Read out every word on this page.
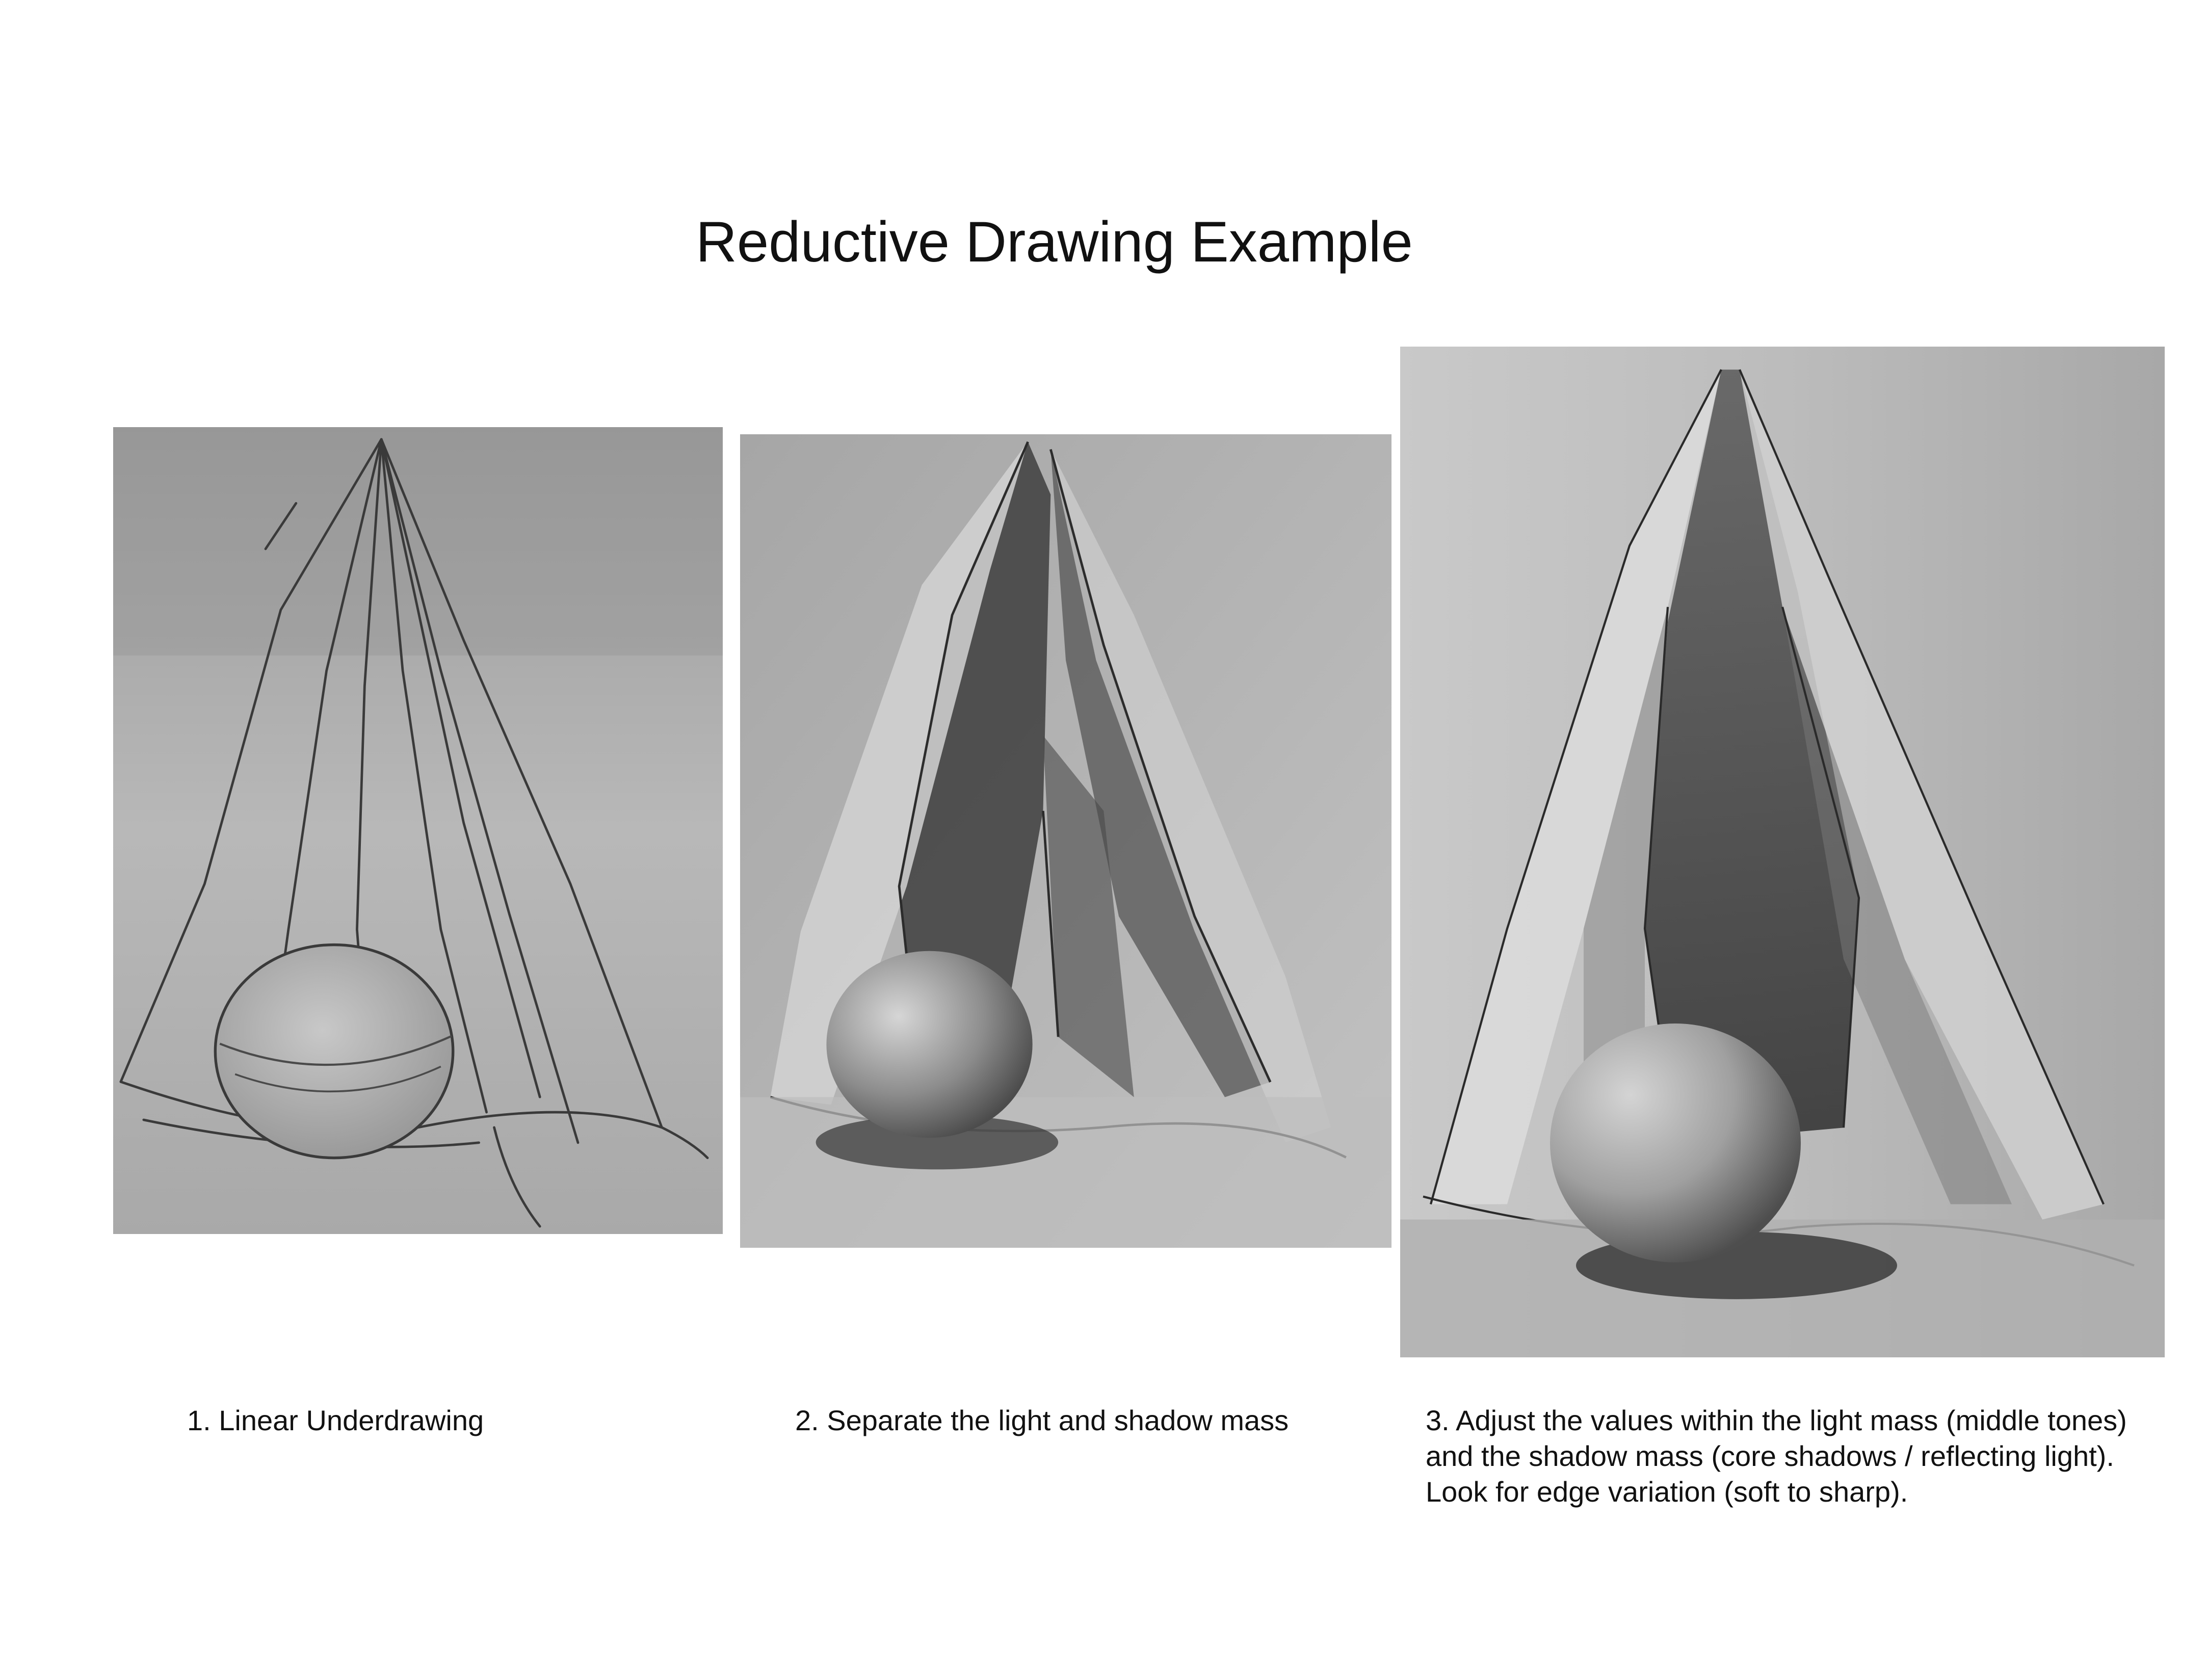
Reductive Drawing Example
1. Linear Underdrawing	2. Separate the light and shadow mass	3. Adjust the values within the light mass (middle tones)
and the shadow mass (core shadows / reflecting light).
Look for edge variation (soft to sharp).
